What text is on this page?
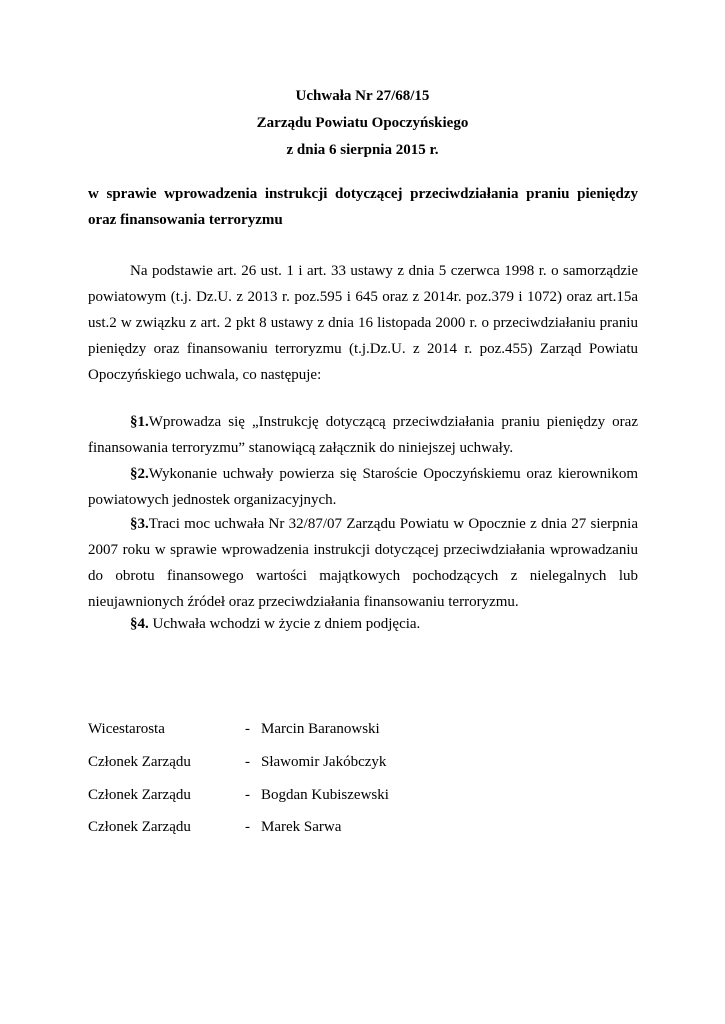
Uchwała Nr 27/68/15
Zarządu Powiatu Opoczyńskiego
z dnia 6 sierpnia 2015 r.
w sprawie wprowadzenia instrukcji dotyczącej przeciwdziałania praniu pieniędzy oraz finansowania terroryzmu
Na podstawie art. 26 ust. 1 i art. 33 ustawy z dnia 5 czerwca 1998 r. o samorządzie powiatowym (t.j. Dz.U. z 2013 r. poz.595 i 645 oraz z 2014r. poz.379 i 1072) oraz art.15a ust.2 w związku z art. 2 pkt 8 ustawy z dnia 16 listopada 2000 r. o przeciwdziałaniu praniu pieniędzy oraz finansowaniu terroryzmu (t.j.Dz.U. z 2014 r. poz.455) Zarząd Powiatu Opoczyńskiego uchwala, co następuje:
§1.Wprowadza się „Instrukcję dotyczącą przeciwdziałania praniu pieniędzy oraz finansowania terroryzmu” stanowiącą załącznik do niniejszej uchwały.
§2.Wykonanie uchwały powierza się Staroście Opoczyńskiemu oraz kierownikom powiatowych jednostek organizacyjnych.
§3.Traci moc uchwała Nr 32/87/07 Zarządu Powiatu w Opocznie z dnia 27 sierpnia 2007 roku w sprawie wprowadzenia instrukcji dotyczącej przeciwdziałania wprowadzaniu do obrotu finansowego wartości majątkowych pochodzących z nielegalnych lub nieujawnionych źródeł oraz przeciwdziałania finansowaniu terroryzmu.
§4. Uchwała wchodzi w życie z dniem podjęcia.
Wicestarosta	- Marcin Baranowski
Członek Zarządu	- Sławomir Jakóbczyk
Członek Zarządu	- Bogdan Kubiszewski
Członek Zarządu	- Marek Sarwa
